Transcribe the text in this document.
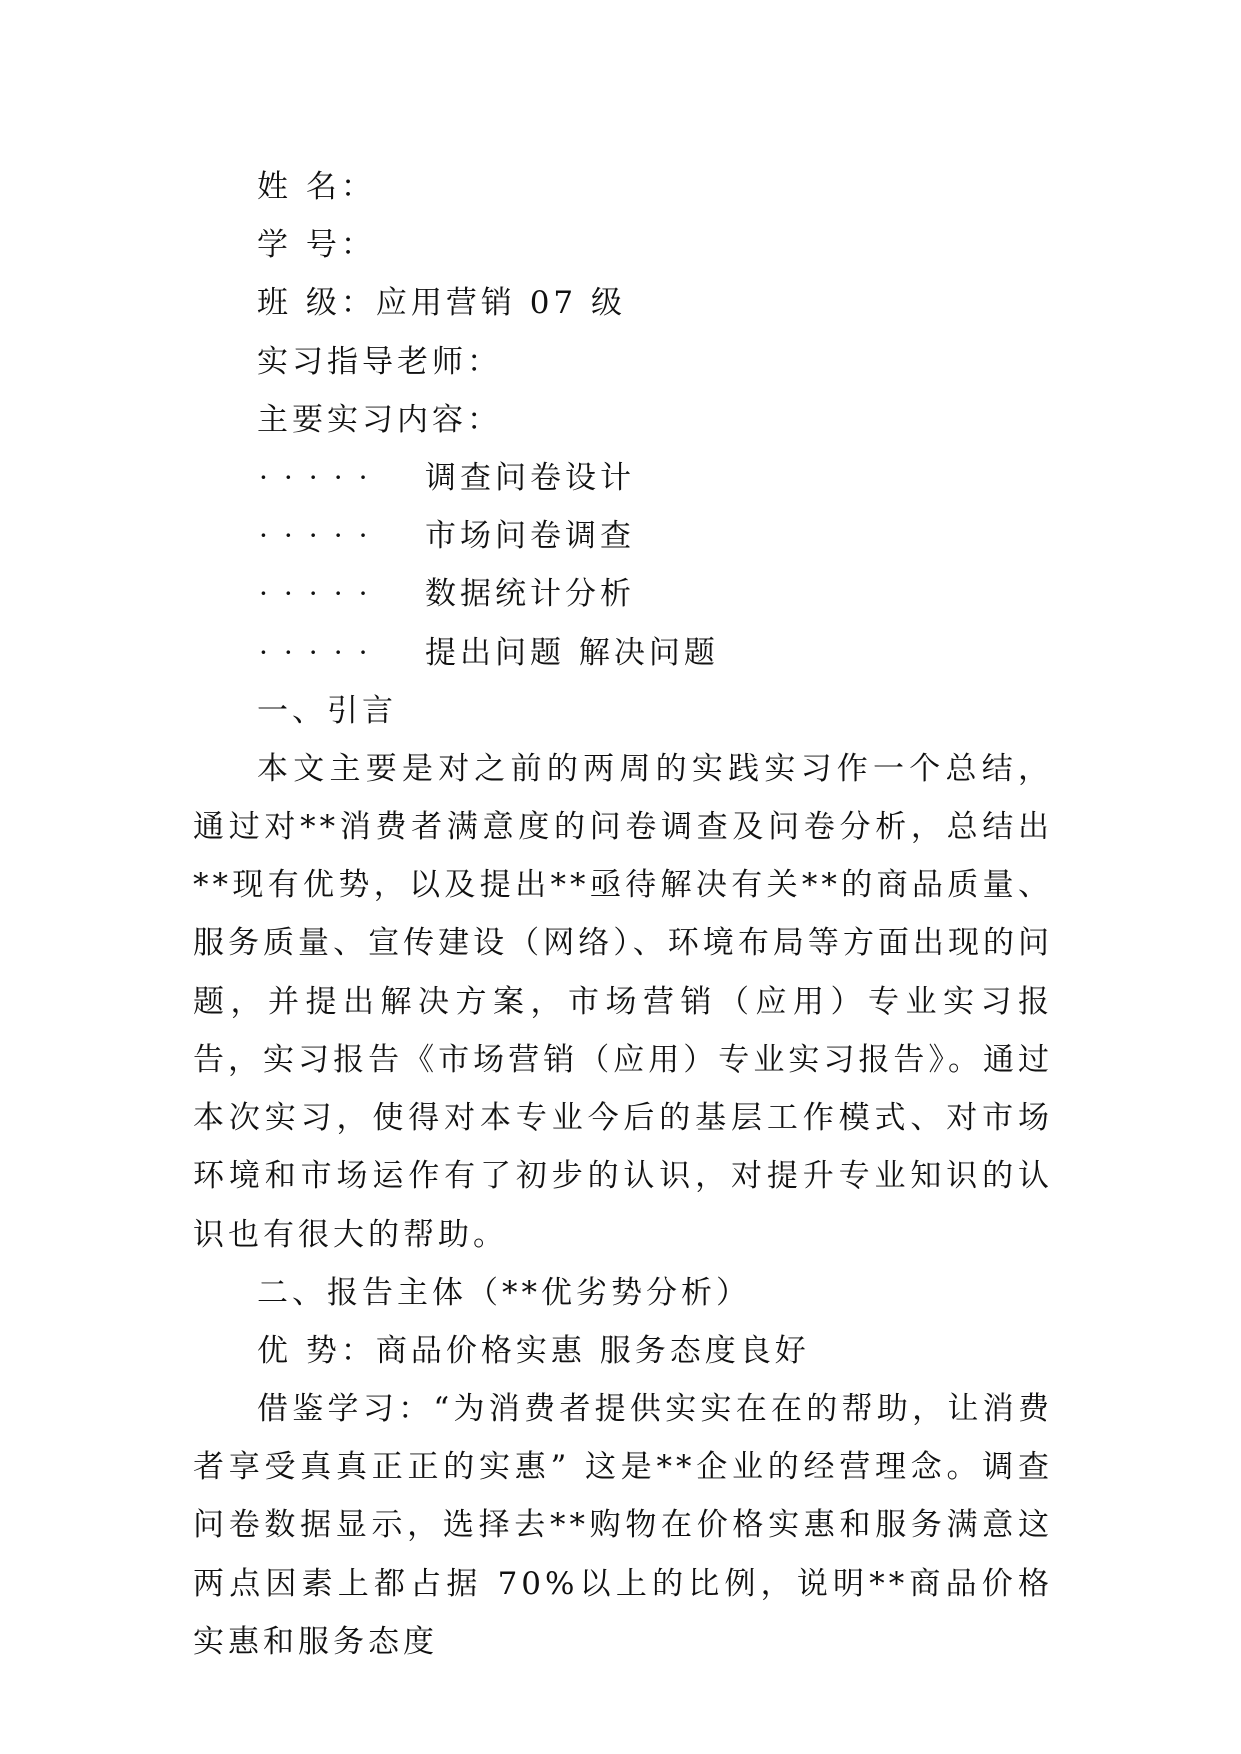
姓 名：
学 号：
班 级：应用营销 07 级
实习指导老师：
主要实习内容：
·····	调查问卷设计
·····	市场问卷调查
·····	数据统计分析
·····	提出问题 解决问题
一、引言

本文主要是对之前的两周的实践实习作一个总结，通过对**消费者满意度的问卷调查及问卷分析，总结出**现有优势，以及提出**亟待解决有关**的商品质量、服务质量、宣传建设（网络）、环境布局等方面出现的问题，并提出解决方案，市场营销（应用）专业实习报告，实习报告《市场营销（应用）专业实习报告》。通过本次实习，使得对本专业今后的基层工作模式、对市场环境和市场运作有了初步的认识，对提升专业知识的认识也有很大的帮助。

二、报告主体（**优劣势分析）
优 势：商品价格实惠 服务态度良好

借鉴学习：“为消费者提供实实在在的帮助，让消费者享受真真正正的实惠” 这是**企业的经营理念。调查问卷数据显示，选择去**购物在价格实惠和服务满意这两点因素上都占据 70%以上的比例，说明**商品价格实惠和服务态度
